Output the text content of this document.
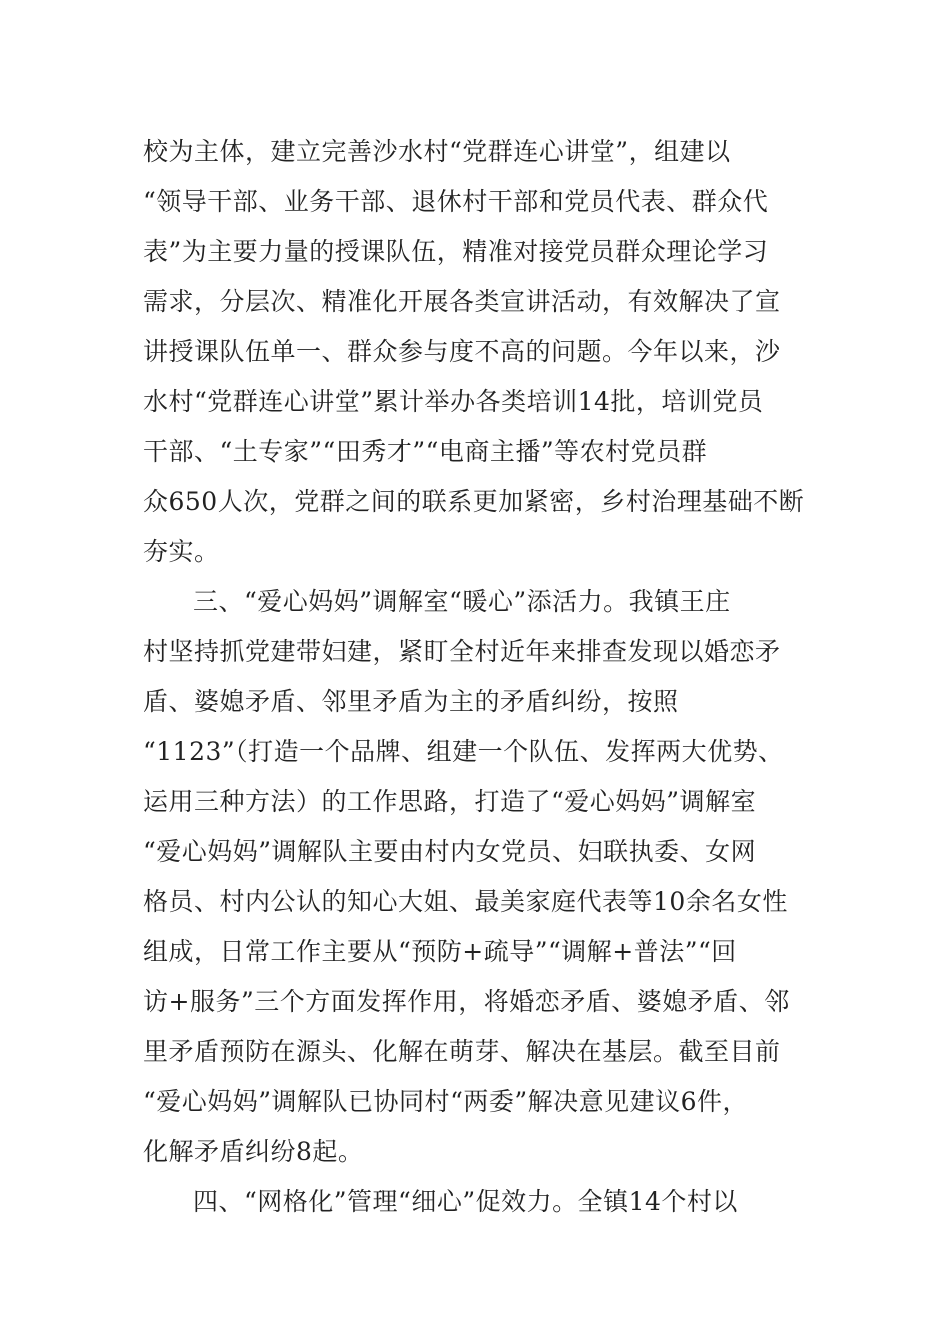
校为主体，建立完善沙水村“党群连心讲堂”，组建以
“领导干部、业务干部、退休村干部和党员代表、群众代
表”为主要力量的授课队伍，精准对接党员群众理论学习
需求，分层次、精准化开展各类宣讲活动，有效解决了宣
讲授课队伍单一、群众参与度不高的问题。今年以来，沙
水村“党群连心讲堂”累计举办各类培训14批，培训党员
干部、“土专家”“田秀才”“电商主播”等农村党员群
众650人次，党群之间的联系更加紧密，乡村治理基础不断
夯实。
三、“爱心妈妈”调解室“暖心”添活力。我镇王庄
村坚持抓党建带妇建，紧盯全村近年来排查发现以婚恋矛
盾、婆媳矛盾、邻里矛盾为主的矛盾纠纷，按照
“1123”（打造一个品牌、组建一个队伍、发挥两大优势、
运用三种方法）的工作思路，打造了“爱心妈妈”调解室
“爱心妈妈”调解队主要由村内女党员、妇联执委、女网
格员、村内公认的知心大姐、最美家庭代表等10余名女性
组成，日常工作主要从“预防+疏导”“调解+普法”“回
访+服务”三个方面发挥作用，将婚恋矛盾、婆媳矛盾、邻
里矛盾预防在源头、化解在萌芽、解决在基层。截至目前
“爱心妈妈”调解队已协同村“两委”解决意见建议6件，
化解矛盾纠纷8起。
四、“网格化”管理“细心”促效力。全镇14个村以
